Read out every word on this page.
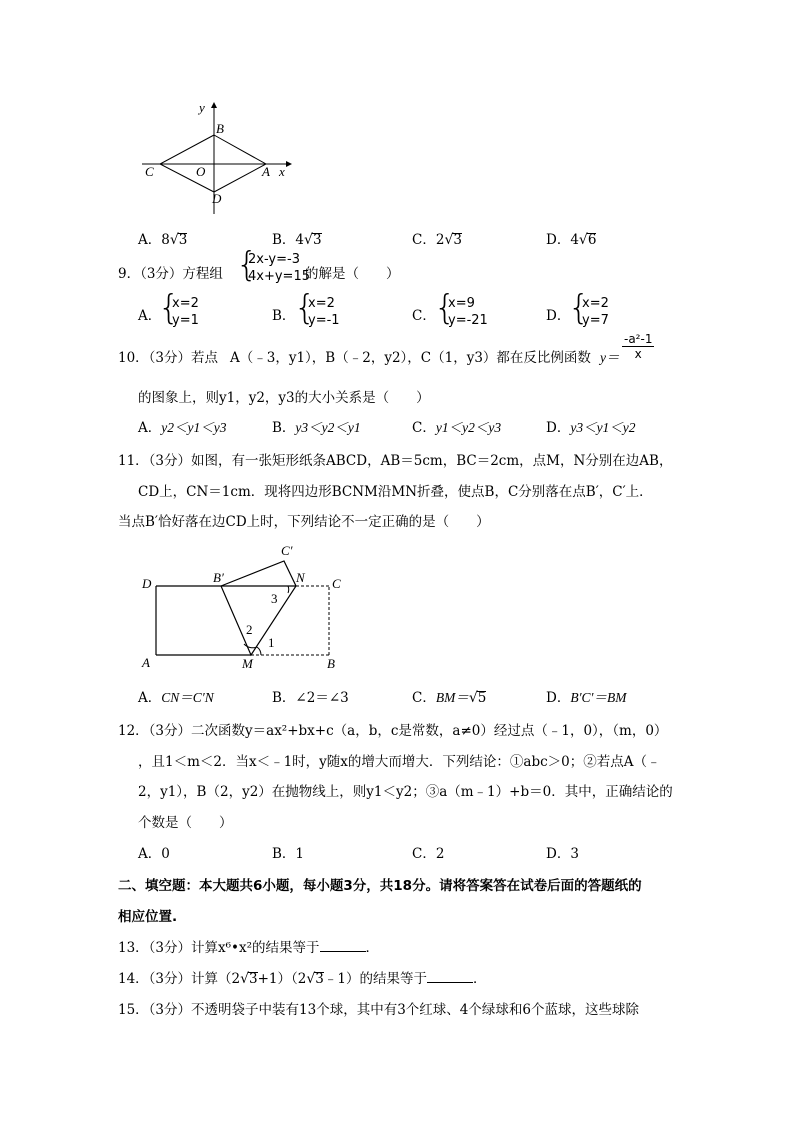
y
x
B
C	O	A
D
A．8√3	B．4√3	C．2√3	D．4√6
9．（3分）方程组 {
2x-y=-3
4x+y=15
的解是（　　）
A．
{
x=2
y=1	B．
{
x=2
y=-1	C．
{
x=9
y=-21	D．
{
x=2
y=7
10．（3分）若点 A（﹣3，y1），B（﹣2，y2），C（1，y3）都在反比例函数 $y= \frac{\text{-a²-1}}{x}$
的图象上，则y1，y2，y3的大小关系是（　　）
A．y2＜y1＜y3	B．y3＜y2＜y1	C．y1＜y2＜y3	D．y3＜y1＜y2
11．（3分）如图，有一张矩形纸条ABCD，AB＝5cm，BC＝2cm，点M，N分别在边AB，
CD上，CN＝1cm．现将四边形BCNM沿MN折叠，使点B，C分别落在点B′，C′上．
当点B′恰好落在边CD上时，下列结论不一定正确的是（　　）
C′
D	B′	N C
3
2
1
A	M	B
A．CN＝C′N	B．∠2＝∠3	C．BM＝√5	D．B′C′＝BM
12．（3分）二次函数y＝ax²+bx+c（a，b，c是常数，a≠0）经过点（﹣1，0），（m，0）
，且1＜m＜2．当x＜﹣1时，y随x的增大而增大．下列结论：①abc＞0；②若点A（﹣
2，y1），B（2，y2）在抛物线上，则y1＜y2；③a（m﹣1）+b＝0．其中，正确结论的
个数是（　　）
A．0	B．1	C．2	D．3
二、填空题：本大题共6小题，每小题3分，共18分。请将答案答在试卷后面的答题纸的
相应位置.
13．（3分）计算x⁶•x²的结果等于	．
14．（3分）计算（2√3+1）（2√3﹣1）的结果等于	．
15．（3分）不透明袋子中装有13个球，其中有3个红球、4个绿球和6个蓝球，这些球除
